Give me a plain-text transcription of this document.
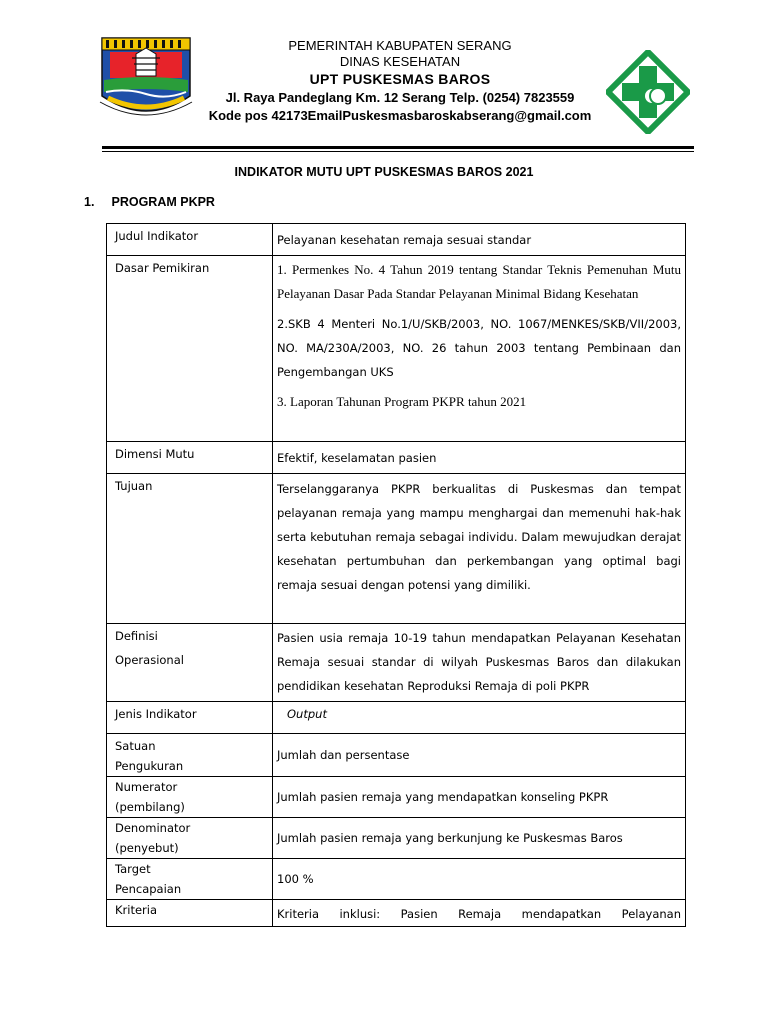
PEMERINTAH KABUPATEN SERANG
DINAS KESEHATAN
UPT PUSKESMAS BAROS
Jl. Raya Pandeglang Km. 12 Serang Telp. (0254) 7823559
Kode pos 42173EmailPuskesmasbaroskabserang@gmail.com
INDIKATOR MUTU UPT PUSKESMAS BAROS 2021
1. PROGRAM PKPR
Judul Indikator	Pelayanan kesehatan remaja sesuai standar
Dasar Pemikiran	1. Permenkes No. 4 Tahun 2019 tentang Standar Teknis Pemenuhan Mutu Pelayanan Dasar Pada Standar Pelayanan Minimal Bidang Kesehatan

2.SKB 4 Menteri No.1/U/SKB/2003, NO. 1067/MENKES/SKB/VII/2003, NO. MA/230A/2003, NO. 26 tahun 2003 tentang Pembinaan dan Pengembangan UKS

3. Laporan Tahunan Program PKPR tahun 2021

Dimensi Mutu	Efektif, keselamatan pasien
Tujuan	Terselanggaranya PKPR berkualitas di Puskesmas dan tempat pelayanan remaja yang mampu menghargai dan memenuhi hak-hak serta kebutuhan remaja sebagai individu. Dalam mewujudkan derajat kesehatan pertumbuhan dan perkembangan yang optimal bagi remaja sesuai dengan potensi yang dimiliki.

Definisi
Operasional	Pasien usia remaja 10-19 tahun mendapatkan Pelayanan Kesehatan Remaja sesuai standar di wilyah Puskesmas Baros dan dilakukan pendidikan kesehatan Reproduksi Remaja di poli PKPR
Jenis Indikator	Output

Satuan
Pengukuran	Jumlah dan persentase

Numerator
(pembilang)	Jumlah pasien remaja yang mendapatkan konseling PKPR

Denominator
(penyebut)	Jumlah pasien remaja yang berkunjung ke Puskesmas Baros

Target
Pencapaian	100 %
Kriteria	Kriteria inklusi: Pasien Remaja mendapatkan Pelayanan
